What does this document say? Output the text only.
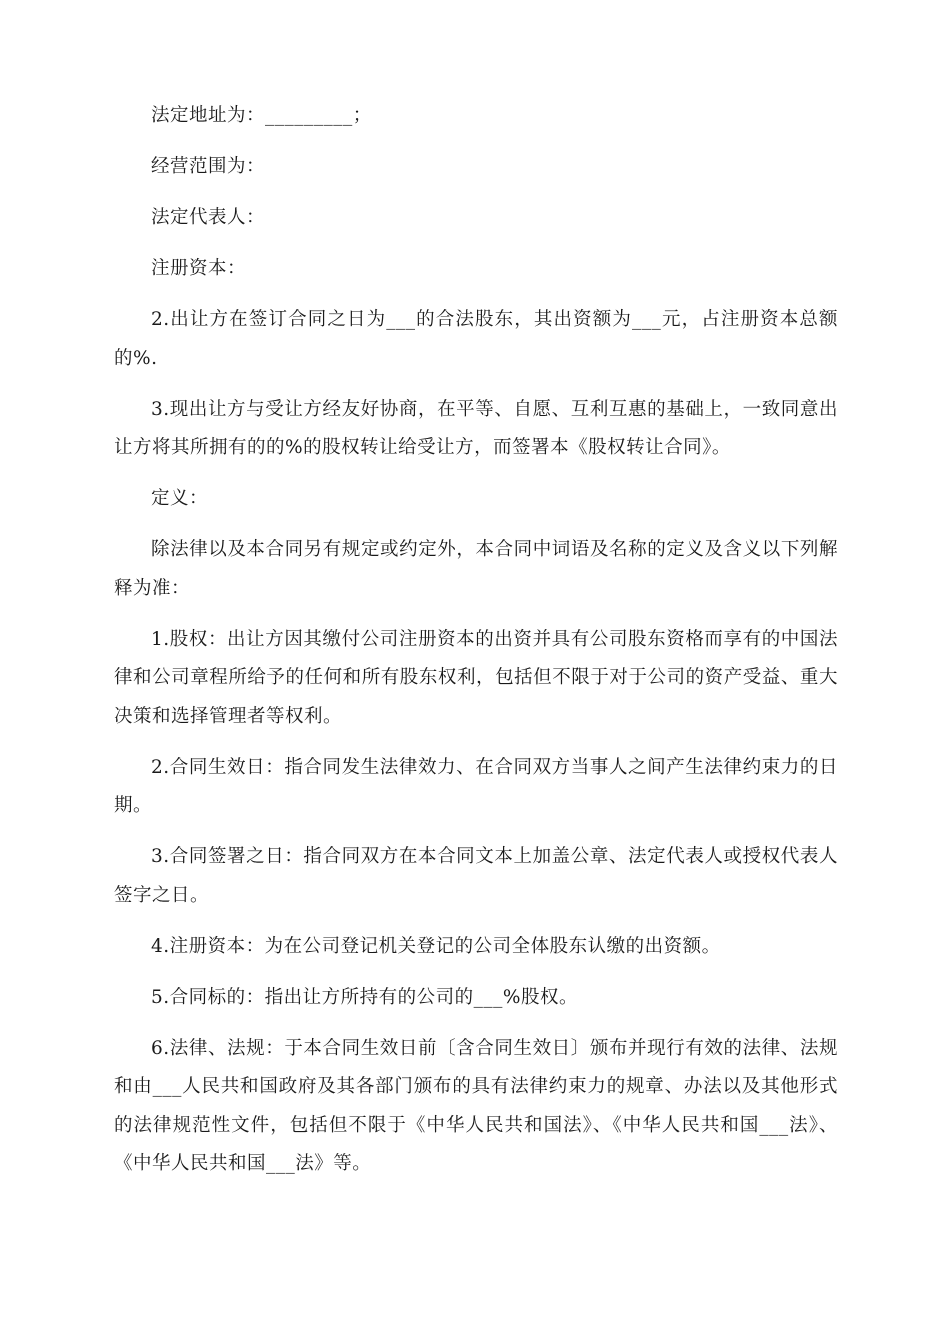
法定地址为：_________；

经营范围为：

法定代表人：

注册资本：

2.出让方在签订合同之日为___的合法股东，其出资额为___元，占注册资本总额的%.

3.现出让方与受让方经友好协商，在平等、自愿、互利互惠的基础上，一致同意出让方将其所拥有的的%的股权转让给受让方，而签署本《股权转让合同》。

定义：

除法律以及本合同另有规定或约定外，本合同中词语及名称的定义及含义以下列解释为准：

1.股权：出让方因其缴付公司注册资本的出资并具有公司股东资格而享有的中国法律和公司章程所给予的任何和所有股东权利，包括但不限于对于公司的资产受益、重大决策和选择管理者等权利。

2.合同生效日：指合同发生法律效力、在合同双方当事人之间产生法律约束力的日期。

3.合同签署之日：指合同双方在本合同文本上加盖公章、法定代表人或授权代表人签字之日。

4.注册资本：为在公司登记机关登记的公司全体股东认缴的出资额。

5.合同标的：指出让方所持有的公司的___%股权。

6.法律、法规：于本合同生效日前〔含合同生效日〕颁布并现行有效的法律、法规和由___人民共和国政府及其各部门颁布的具有法律约束力的规章、办法以及其他形式的法律规范性文件，包括但不限于《中华人民共和国法》、《中华人民共和国___法》、《中华人民共和国___法》等。
